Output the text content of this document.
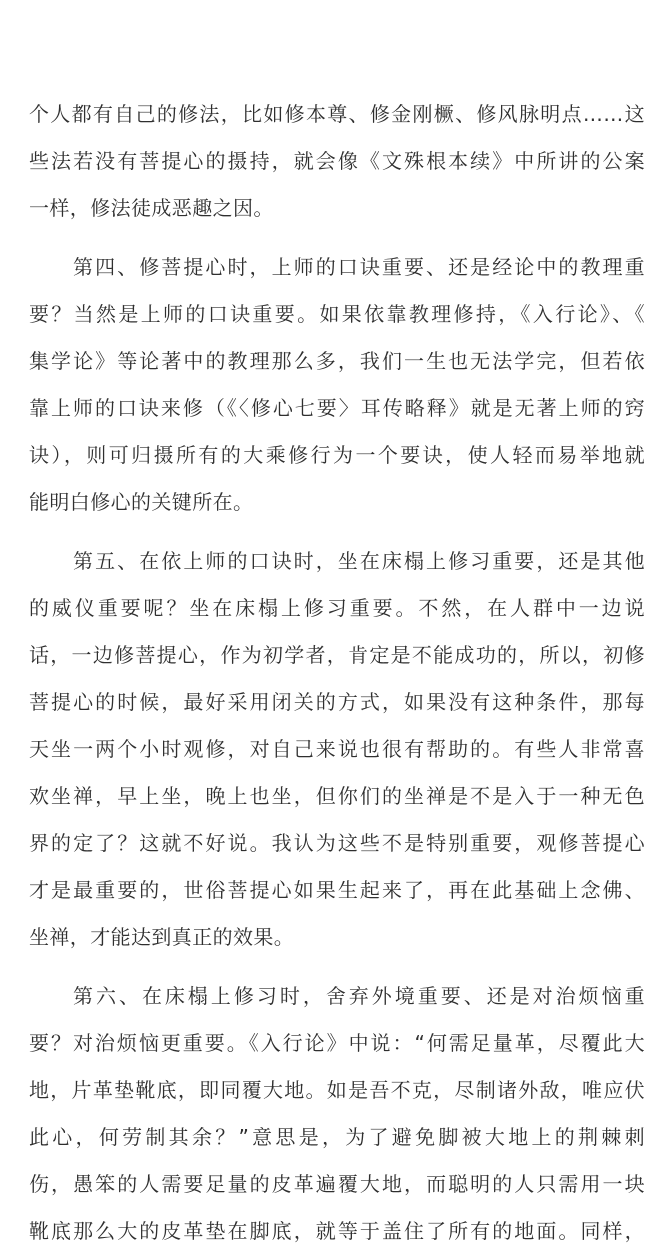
个人都有自己的修法，比如修本尊、修金刚橛、修风脉明点……这
些法若没有菩提心的摄持，就会像《文殊根本续》中所讲的公案
一样，修法徒成恶趣之因。
第四、修菩提心时，上师的口诀重要、还是经论中的教理重
要？当然是上师的口诀重要。如果依靠教理修持，《入行论》、《
集学论》等论著中的教理那么多，我们一生也无法学完，但若依
靠上师的口诀来修（《〈修心七要〉耳传略释》就是无著上师的窍
诀），则可归摄所有的大乘修行为一个要诀，使人轻而易举地就
能明白修心的关键所在。
第五、在依上师的口诀时，坐在床榻上修习重要，还是其他
的威仪重要呢？坐在床榻上修习重要。不然，在人群中一边说
话，一边修菩提心，作为初学者，肯定是不能成功的，所以，初修
菩提心的时候，最好采用闭关的方式，如果没有这种条件，那每
天坐一两个小时观修，对自己来说也很有帮助的。有些人非常喜
欢坐禅，早上坐，晚上也坐，但你们的坐禅是不是入于一种无色
界的定了？这就不好说。我认为这些不是特别重要，观修菩提心
才是最重要的，世俗菩提心如果生起来了，再在此基础上念佛、
坐禅，才能达到真正的效果。
第六、在床榻上修习时，舍弃外境重要、还是对治烦恼重
要？对治烦恼更重要。《入行论》中说：“何需足量革，尽覆此大
地，片革垫靴底，即同覆大地。如是吾不克，尽制诸外敌，唯应伏
此心，何劳制其余？”意思是，为了避免脚被大地上的荆棘刺
伤，愚笨的人需要足量的皮革遍覆大地，而聪明的人只需用一块
靴底那么大的皮革垫在脚底，就等于盖住了所有的地面。同样，
